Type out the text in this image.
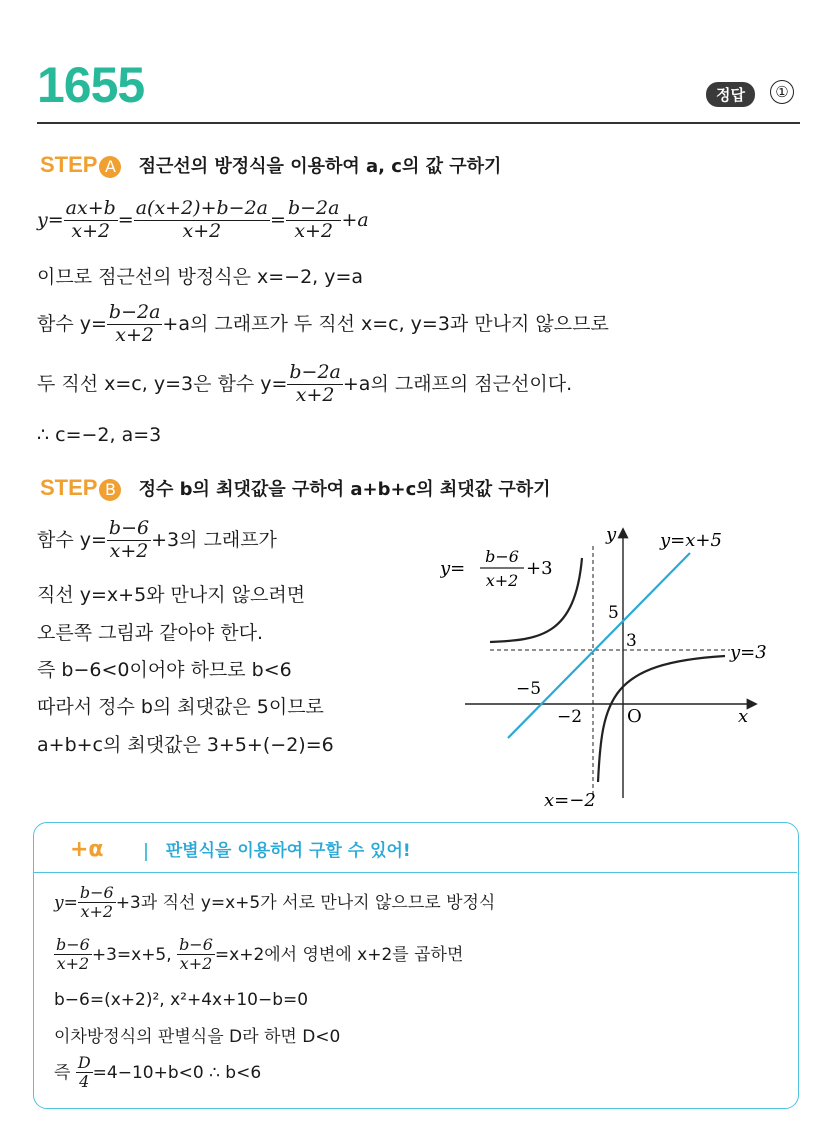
1655	정답	①
STEP A 점근선의 방정식을 이용하여 a, c의 값 구하기
$y= \frac{ax+b}{x+2} = \frac{a(x+2)+b-2a}{x+2} = \frac{b-2a}{x+2} +a$
이므로 점근선의 방정식은 x=−2, y=a
함수 $y= \frac{b-2a}{x+2} +a$의 그래프가 두 직선 x=c, y=3과 만나지 않으므로
두 직선 x=c, y=3은 함수 $y= \frac{b-2a}{x+2} +a$의 그래프의 점근선이다.
∴ c=−2, a=3
STEP B 정수 b의 최댓값을 구하여 a+b+c의 최댓값 구하기
함수 $y= \frac{b-6}{x+2} +3$의 그래프가
직선 y=x+5와 만나지 않으려면
오른쪽 그림과 같아야 한다.
즉 b−6<0이어야 하므로 b<6
따라서 정수 b의 최댓값은 5이므로
a+b+c의 최댓값은 3+5+(−2)=6
y=
b−6
x+2
+3
y=x+5
y=3
x=−2
y
x
O
5
3
−5
−2
+α	판별식을 이용하여 구할 수 있어!
$y= \frac{b-6}{x+2} +3$과 직선 y=x+5가 서로 만나지 않으므로 방정식
$\frac{b-6}{x+2} +3=x+5$, $\frac{b-6}{x+2} =x+2$에서 영변에 x+2를 곱하면
b−6=(x+2)², x²+4x+10−b=0
이차방정식의 판별식을 D라 하면 D<0
즉 $\frac{D}{4} =4-10+b<0$ ∴ b<6
